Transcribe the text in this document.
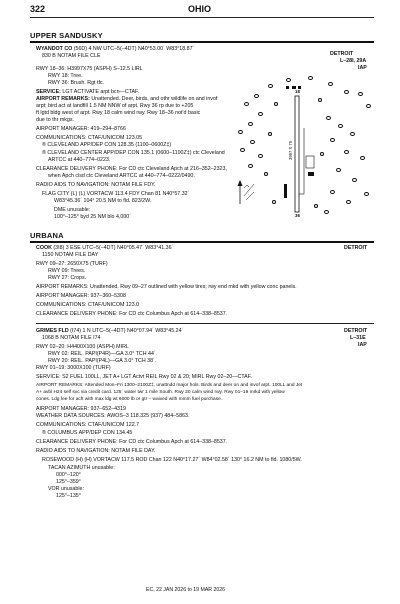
322	OHIO
UPPER SANDUSKY
WYANDOT CO (56D) 4 NW UTC–5(–4DT) N40°53.00´ W83°18.87´
DETROIT
L–28I, 29A
IAP
830 B NOTAM FILE CLE
RWY 18–36: H3997X75 (ASPH) S–12.5 LIRL
RWY 18: Tree.
RWY 36: Brush. Rgt tfc.
SERVICE: LGT ACTIVATE arpt bcn—CTAF.
AIRPORT REMARKS: Unattended. Deer, birds, and othr wildlife on and invof
arpt; bird act at landfill 1.5 NM NNW of arpt. Rwy 36 rp due to +205
ft lgtd bldg west of arpt. Rwy 18 calm wind rwy. Rwy 18–36 not'd basic
due to thr mkgs.
AIRPORT MANAGER: 419–294–8766
COMMUNICATIONS: CTAF/UNICOM 123.05
® CLEVELAND APP/DEP CON 128.35 (1100–0600Z‡)
® CLEVELAND CENTER APP/DEP CON 135.1 (0600–1100Z‡) ctc Cleveland
ARTCC at 440–774–0223.
CLEARANCE DELIVERY PHONE: For CD ctc Cleveland Apch at 216–352–2323,
when Apch clsd ctc Cleveland ARTCC at 440–774–0222/0490.
RADIO AIDS TO NAVIGATION: NOTAM FILE FDY.
FLAG CITY (L) (L) VORTACW 113.4 FDY Chan 81 N40°57.32´
W83°45.36´ 104° 20.5 NM to fld. 823/2W.
DME unusable:
100°–125° byd 25 NM blo 4,000´
18
36
3997 X 75
URBANA
COOK (3I8) 3 ESE UTC–5(–4DT) N40°05.47´ W83°41.36´	DETROIT
1150 NOTAM FILE DAY
RWY 09–27: 2650X75 (TURF)
RWY 09: Trees.
RWY 27: Crops.
AIRPORT REMARKS: Unattended. Rwy 09–27 outlined with yellow tires; rwy end mkd with yellow conc panels.
AIRPORT MANAGER: 937–360–5308
COMMUNICATIONS: CTAF/UNICOM 123.0
CLEARANCE DELIVERY PHONE: For CD ctc Columbus Apch at 614–338–8537.
GRIMES FLD (I74) 1 N UTC–5(–4DT) N40°07.94´ W83°45.24´	DETROIT
L–31E
IAP
1068 B NOTAM FILE I74
RWY 02–20: H4400X100 (ASPH) MIRL
RWY 02: REIL. PAPI(P4R)—GA 3.0° TCH 44´.
RWY 20: REIL. PAPI(P4L)—GA 3.0° TCH 38´.
RWY 01–19: 3000X100 (TURF)
SERVICE: S2 FUEL 100LL, JET A+ LGT Actvt REIL Rwy 02 & 20; MIRL Rwy 02–20—CTAF.
AIRPORT REMARKS: Attended Mon–Fri 1300–2100Z‡, unattndd major hols. Birds and deer on and invof arpt. 100LL and Jet
A+ avbl H24 self svc via credit card. 125´ water twr 1 mile South. Rwy 20 calm wind rwy. Rwy 01–19 mrkd with yellow
cones. Ldg fee for acft with max ldg wt 6000 lb or gtr – waived with mmm fuel purchase.
AIRPORT MANAGER: 937–652–4319
WEATHER DATA SOURCES: AWOS–3 118.325 (937) 484–5863.
COMMUNICATIONS: CTAF/UNICOM 122.7
® COLUMBUS APP/DEP CON 134.45
CLEARANCE DELIVERY PHONE: For CD ctc Columbus Apch at 614–338–8537.
RADIO AIDS TO NAVIGATION: NOTAM FILE DAY.
ROSEWOOD (H) (H) VORTACW 117.5 ROD Chan 122 N40°17.27´ W84°02.58´ 130° 16.2 NM to fld. 1080/5W.
TACAN AZIMUTH unusable:
000°–120°
125°–359°
VOR unusable:
125°–135°
EC, 22 JAN 2026 to 19 MAR 2026
